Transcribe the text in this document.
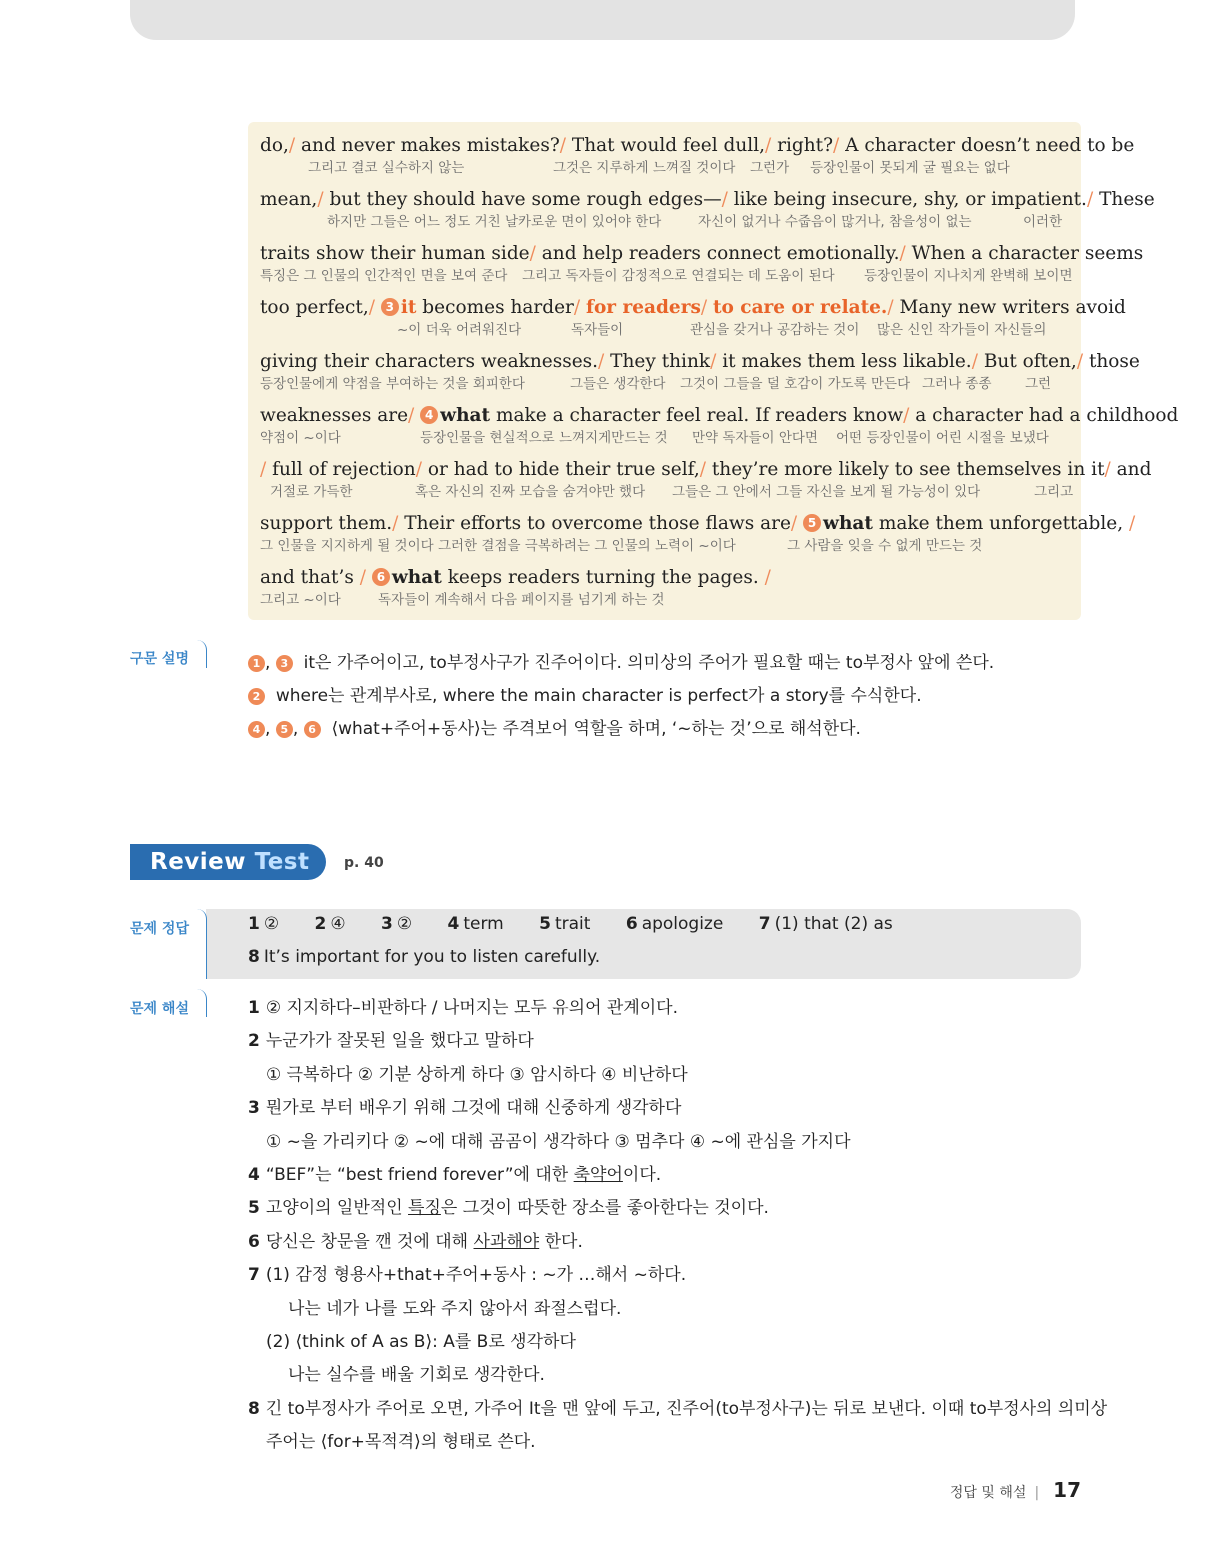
do, / and never makes mistakes? / That would feel dull, / right? / A character doesn’t need to be
그리고 결코 실수하지 않는	그것은 지루하게 느껴질 것이다 그런가 등장인물이 못되게 굴 필요는 없다
mean, / but they should have some rough edges— / like being insecure, shy, or impatient. / These
하지만 그들은 어느 정도 거친 날카로운 면이 있어야 한다	자신이 없거나 수줍음이 많거나, 참을성이 없는	이러한
traits show their human side / and help readers connect emotionally. / When a character seems
특징은 그 인물의 인간적인 면을 보여 준다 그리고 독자들이 감정적으로 연결되는 데 도움이 된다 등장인물이 지나치게 완벽해 보이면
too perfect, / 3 it becomes harder / for readers / to care or relate. / Many new writers avoid
~이 더욱 어려워진다	독자들이	관심을 갖거나 공감하는 것이 많은 신인 작가들이 자신들의
giving their characters weaknesses. / They think / it makes them less likable. / But often, / those
등장인물에게 약점을 부여하는 것을 회피한다	그들은 생각한다 그것이 그들을 덜 호감이 가도록 만든다 그러나 종종 그런
weaknesses are / 4 what make a character feel real. If readers know / a character had a childhood
약점이 ~이다	등장인물을 현실적으로 느껴지게만드는 것 만약 독자들이 안다면 어떤 등장인물이 어린 시절을 보냈다
/ full of rejection / or had to hide their true self, / they’re more likely to see themselves in it / and
거절로 가득한	혹은 자신의 진짜 모습을 숨겨야만 했다 그들은 그 안에서 그들 자신을 보게 될 가능성이 있다	그리고
support them. / Their efforts to overcome those flaws are / 5 what make them unforgettable, /
그 인물을 지지하게 될 것이다 그러한 결점을 극복하려는 그 인물의 노력이 ~이다	그 사람을 잊을 수 없게 만드는 것
and that’s / 6 what keeps readers turning the pages. /
그리고 ~이다	독자들이 계속해서 다음 페이지를 넘기게 하는 것
구문 설명	1 , 3 it은 가주어이고, to부정사구가 진주어이다. 의미상의 주어가 필요할 때는 to부정사 앞에 쓴다.
2 where는 관계부사로, where the main character is perfect가 a story를 수식한다.
4 , 5 , 6 ⟨what+주어+동사⟩는 주격보어 역할을 하며, ‘~하는 것’으로 해석한다.
Review Test	p. 40
문제 정답	1 ② 2 ④ 3 ② 4 term 5 trait 6 apologize 7 (1) that (2) as
8 It’s important for you to listen carefully.
문제 해설	1 ② 지지하다–비판하다 / 나머지는 모두 유의어 관계이다.
2 누군가가 잘못된 일을 했다고 말하다
① 극복하다 ② 기분 상하게 하다 ③ 암시하다 ④ 비난하다
3 뭔가로 부터 배우기 위해 그것에 대해 신중하게 생각하다
① ~을 가리키다 ② ~에 대해 곰곰이 생각하다 ③ 멈추다 ④ ~에 관심을 가지다
4 “BEF”는 “best friend forever”에 대한 축약어이다.
5 고양이의 일반적인 특징은 그것이 따뜻한 장소를 좋아한다는 것이다.
6 당신은 창문을 깬 것에 대해 사과해야 한다.
7 (1) 감정 형용사+that+주어+동사 : ~가 …해서 ~하다.
나는 네가 나를 도와 주지 않아서 좌절스럽다.
(2) ⟨think of A as B⟩: A를 B로 생각하다
나는 실수를 배울 기회로 생각한다.
8 긴 to부정사가 주어로 오면, 가주어 It을 맨 앞에 두고, 진주어(to부정사구)는 뒤로 보낸다. 이때 to부정사의 의미상
주어는 ⟨for+목적격⟩의 형태로 쓴다.
정답 및 해설 | 17
